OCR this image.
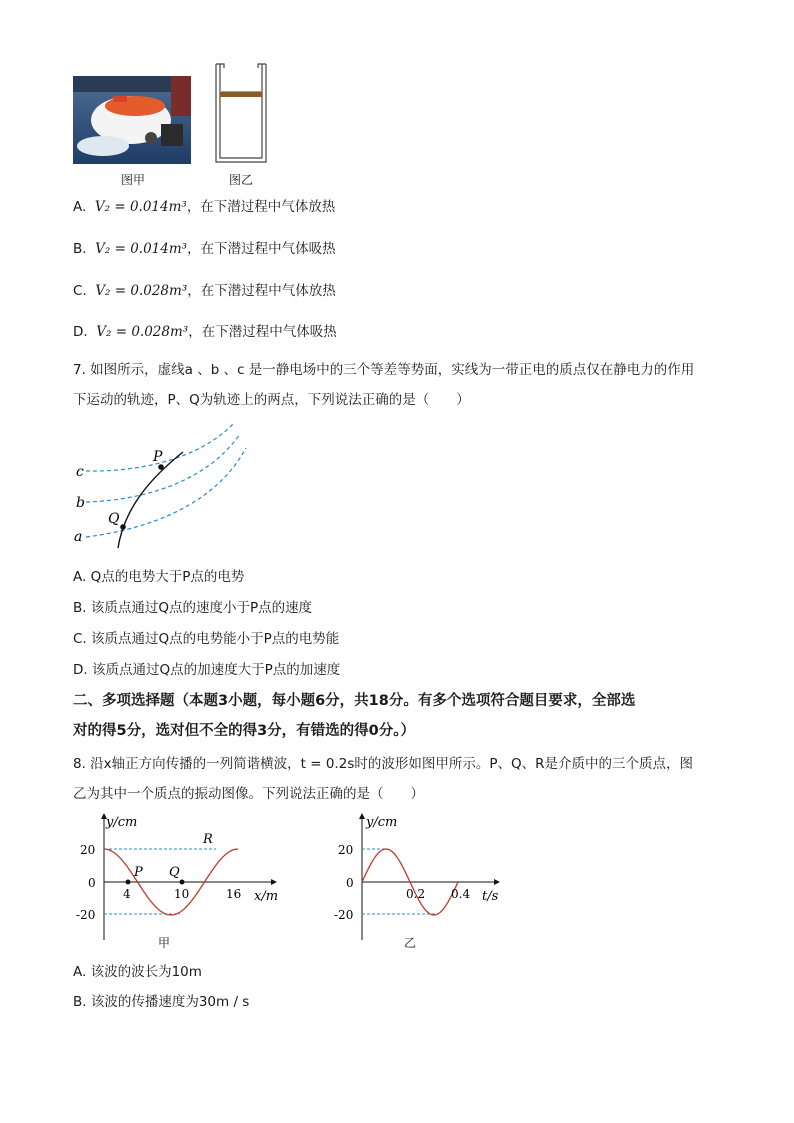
图甲	图乙
A. V₂ = 0.014m³，在下潜过程中气体放热
B. V₂ = 0.014m³，在下潜过程中气体吸热
C. V₂ = 0.028m³，在下潜过程中气体放热
D. V₂ = 0.028m³，在下潜过程中气体吸热
7. 如图所示，虚线a 、b 、c 是一静电场中的三个等差等势面，实线为一带正电的质点仅在静电力的作用
下运动的轨迹，P、Q为轨迹上的两点，下列说法正确的是（　　）
c
b
a
P
Q
A. Q点的电势大于P点的电势
B. 该质点通过Q点的速度小于P点的速度
C. 该质点通过Q点的电势能小于P点的电势能
D. 该质点通过Q点的加速度大于P点的加速度
二、多项选择题（本题3小题，每小题6分，共18分。有多个选项符合题目要求，全部选
对的得5分，选对但不全的得3分，有错选的得0分。）
8. 沿x轴正方向传播的一列简谐横波，t = 0.2s时的波形如图甲所示。P、Q、R是介质中的三个质点，图
乙为其中一个质点的振动图像。下列说法正确的是（　　）
y/cm
x/m
20
0
-20
4	10	16
P Q
R
甲
y/cm
t/s
20
0
-20
0.2 0.4
乙
A. 该波的波长为10m
B. 该波的传播速度为30m / s
